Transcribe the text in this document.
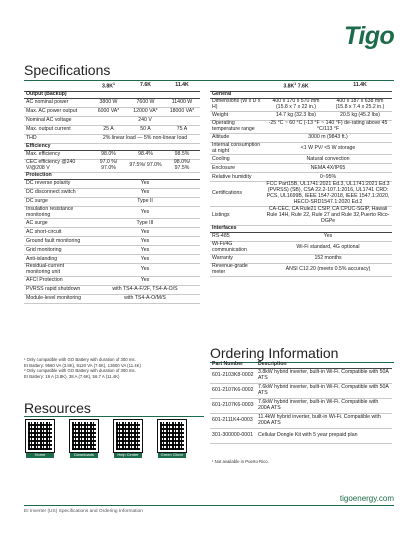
Tigo
Specifications
	$3.8K^1$	7.6K	11.4K
Output (Backup)			
AC nominal power	3800 W	7600 W	11400 W
Max. AC power output	6000 VA*	12000 VA*	18000 VA*
Nominal AC voltage	240 V		
Max. output current	25 A	50 A	75 A
THD	2% linear load — 5% non-linear load		
Efficiency			
Max. efficiency	98.0%	98.4%	98.5%
CEC efficiency @240 V/@208 V	97.0 %/ 97.0%	97.5%/ 97.0%	98.0%/ 97.5%
Protection			
DC reverse polarity	Yes		
DC disconnect switch	Yes		
DC surge	Type II		
Insulation resistance monitoring	Yes		
AC surge	Type III		
AC short-circuit	Yes		
Ground fault monitoring	Yes		
Grid monitoring	Yes		
Anti-islanding	Yes		
Residual-current monitoring unit	Yes		
AFCI Protection	Yes		
PVRSS rapid shutdown	with TS4-A-F/2F, TS4-A-O/S		
Module-level monitoring	with TS4-A-O/M/S		
¹ Only compatible with GO Battery with duration of 300 ms.
EI Battery: 9560 VA (3.8K), 9120 VA (7.6K), 13600 VA (11.4K)
² Only compatible with GO Battery with duration of 300 ms.
EI Battery: 19 A (3.8K), 38 A (7.6K), 56.7 A (11.4K)
	$3.8K^1$ 7.6K	11.4K
General		
Dimensions (W x D x H)	400 x 170 x 570 mm (15.8 x 7 x 22 in.)	400 x 187 x 638 mm (15.8 x 7.4 x 25.2 in.)
Weight	14.7 kg (32.3 lbs)	20.5 kg (45.2 lbs)
Operating temperature range	-25 °C ~ 60 °C (-13 °F ~ 140 °F) de-rating above 45 °C/113 °F	
Altitude	3000 m (9843 ft.)	
Internal consumption at night	<1 W PV/ <5 W storage	
Cooling	Natural convection	
Enclosure	NEMA 4X/IP65	
Relative humidity	0~95%	
Certifications	FCC Part15B, UL1741:2021 Ed.3, UL1741:2021 Ed.3 (PVRSS) (SB), CSA 22.2-107.1:2016, UL1741 CRD: PCS, UL1699B, IEEE 1547-2018, IEEE 1547.1:2020, HECO-SRD1547.1:2020 Ed.2	
Listings	CA-CEC, CA Rule21 CSIP, CA CPUC-SGIP, Hawaii Rule 14H, Rule 22, Rule 27 and Rule 32,Puerto Rico-OGPe	
Interfaces		
RS-485	Yes	
Wi-Fi/4G communication	Wi-Fi standard, 4G optional	
Warranty	152 months	
Revenue-grade meter	ANSI C12.20 (meets 0.5% accuracy)	
Ordering Information
Part Number	Description
601-2103K8-0002	3.8kW hybrid inverter, built-in Wi-Fi. Compatible with 50A ATS
601-2107K6-0002	7.6kW hybrid inverter, built-in Wi-Fi. Compatible with 50A ATS
601-2107K6-0003	7.6kW hybrid inverter, built-in Wi-Fi. Compatible with 200A ATS
601-2111K4-0003	11.4kW hybrid inverter, built-in Wi-Fi. Compatible with 200A ATS
301-300000-0001	Cellular Dongle Kit with 5 year prepaid plan
¹ Not available in Puerto Rico.
Resources
Home	Downloads	Help Center	Green Glove
tigoenergy.com
EI Inverter (US) Specifications and Ordering Information
